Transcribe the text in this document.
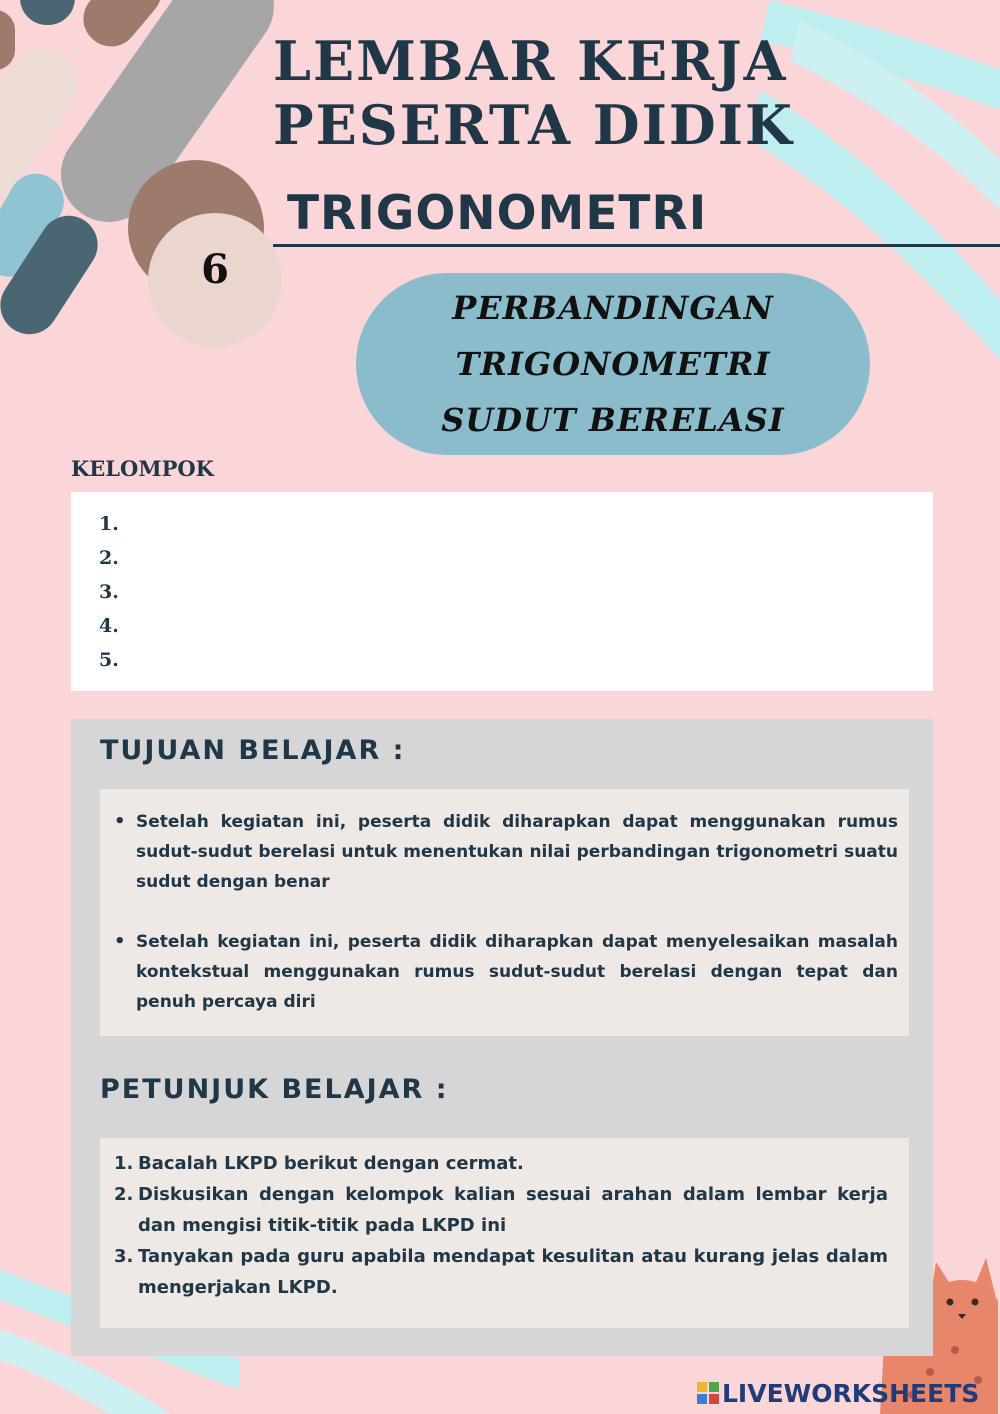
LEMBAR KERJA
PESERTA DIDIK
TRIGONOMETRI
6
PERBANDINGAN TRIGONOMETRI SUDUT BERELASI
KELOMPOK
1.
2.
3.
4.
5.
TUJUAN BELAJAR :
• Setelah kegiatan ini, peserta didik diharapkan dapat menggunakan rumus sudut-sudut berelasi untuk menentukan nilai perbandingan trigonometri suatu sudut dengan benar
• Setelah kegiatan ini, peserta didik diharapkan dapat menyelesaikan masalah kontekstual menggunakan rumus sudut-sudut berelasi dengan tepat dan penuh percaya diri
PETUNJUK BELAJAR :
1. Bacalah LKPD berikut dengan cermat.
2. Diskusikan dengan kelompok kalian sesuai arahan dalam lembar kerja dan mengisi titik-titik pada LKPD ini
3. Tanyakan pada guru apabila mendapat kesulitan atau kurang jelas dalam mengerjakan LKPD.
LIVEWORKSHEETS
